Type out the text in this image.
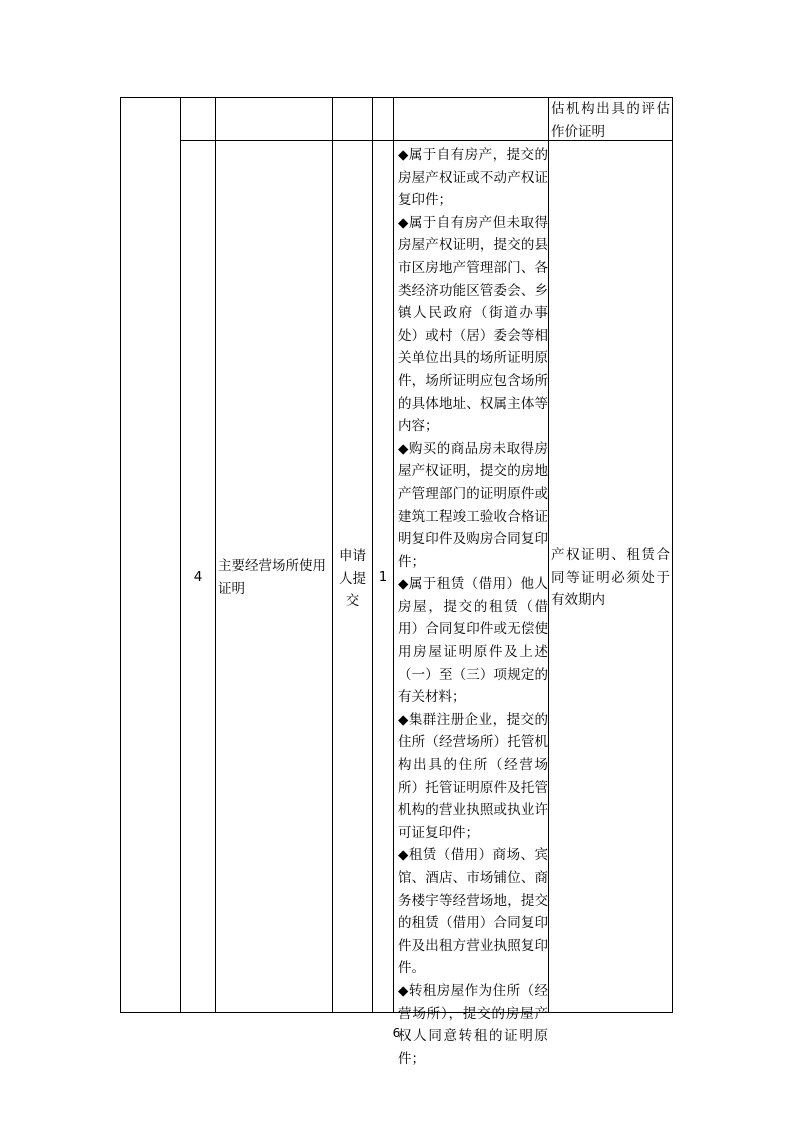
估机构出具的评估作价证明
4
主要经营场所使用证明
申请人提交
1

◆属于自有房产，提交的房屋产权证或不动产权证复印件；

◆属于自有房产但未取得房屋产权证明，提交的县市区房地产管理部门、各类经济功能区管委会、乡镇人民政府（街道办事处）或村（居）委会等相关单位出具的场所证明原件，场所证明应包含场所的具体地址、权属主体等内容；

◆购买的商品房未取得房屋产权证明，提交的房地产管理部门的证明原件或建筑工程竣工验收合格证明复印件及购房合同复印件；

◆属于租赁（借用）他人房屋，提交的租赁（借用）合同复印件或无偿使用房屋证明原件及上述（一）至（三）项规定的有关材料；

◆集群注册企业，提交的住所（经营场所）托管机构出具的住所（经营场所）托管证明原件及托管机构的营业执照或执业许可证复印件；

◆租赁（借用）商场、宾馆、酒店、市场铺位、商务楼宇等经营场地，提交的租赁（借用）合同复印件及出租方营业执照复印件。

◆转租房屋作为住所（经营场所），提交的房屋产权人同意转租的证明原件；

产权证明、租赁合同等证明必须处于有效期内
6
